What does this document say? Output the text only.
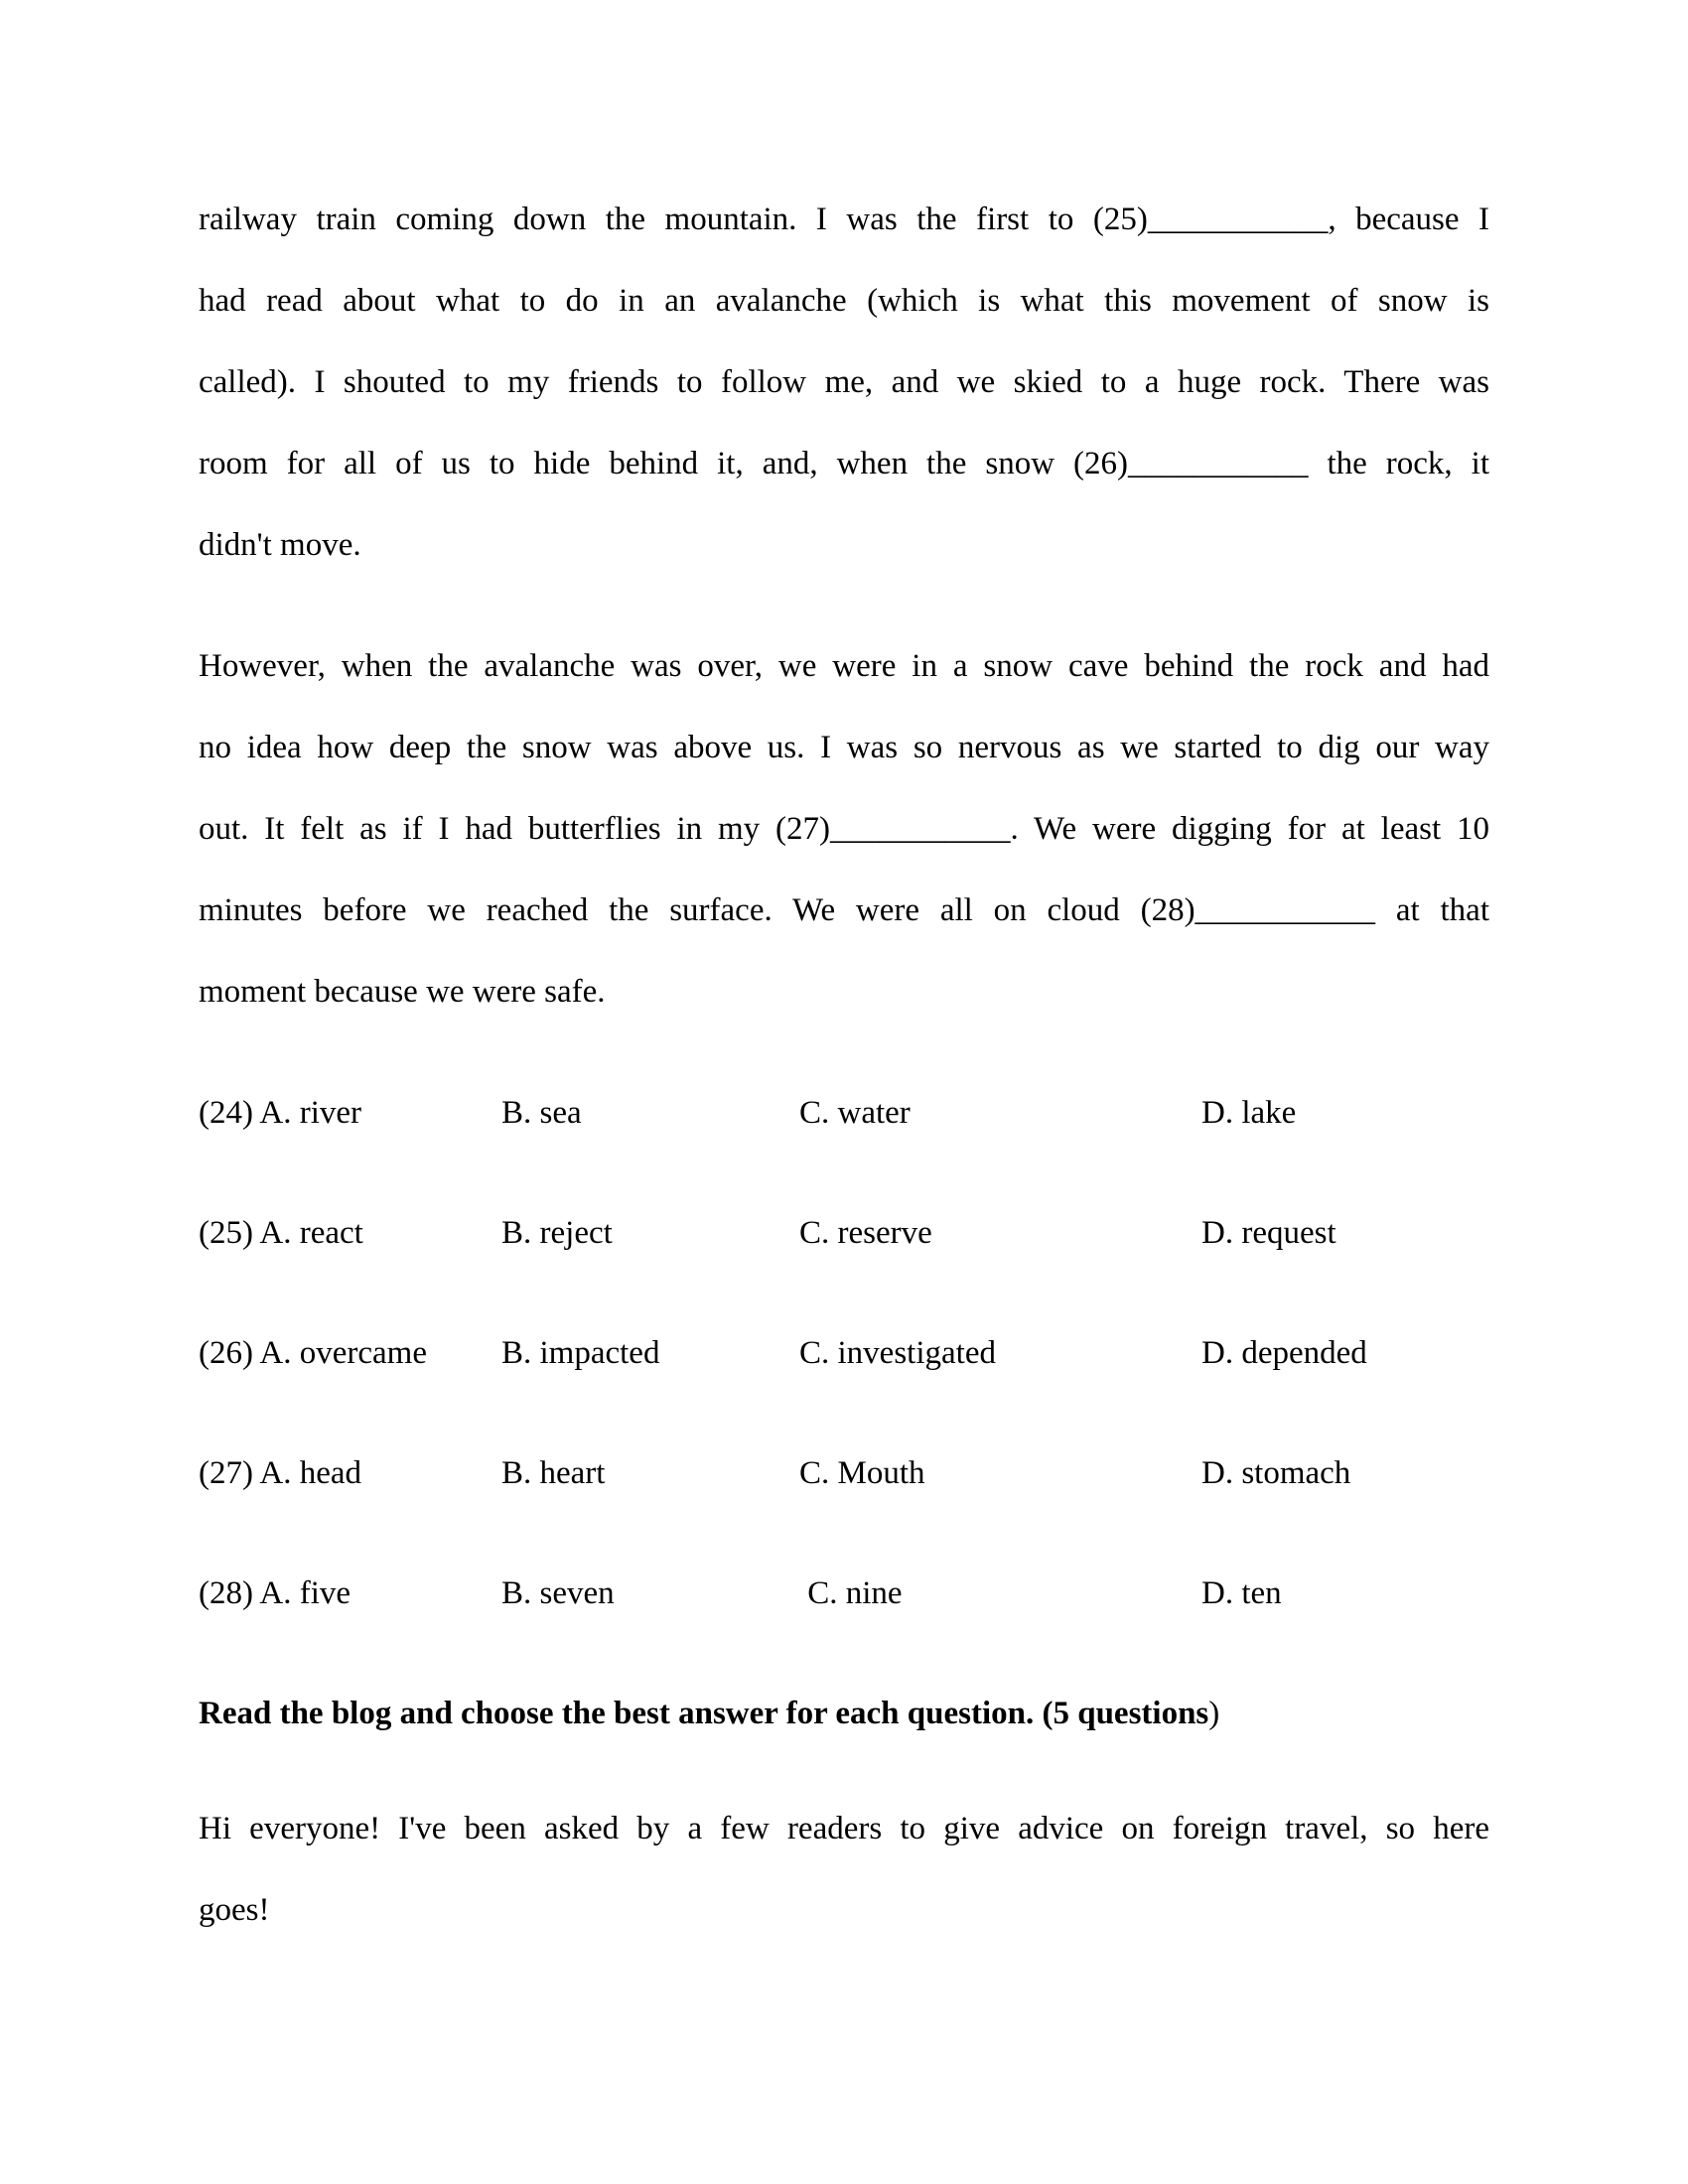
railway train coming down the mountain. I was the first to (25)___________, because I
had read about what to do in an avalanche (which is what this movement of snow is
called). I shouted to my friends to follow me, and we skied to a huge rock. There was
room for all of us to hide behind it, and, when the snow (26)___________ the rock, it
didn't move.
However, when the avalanche was over, we were in a snow cave behind the rock and had
no idea how deep the snow was above us. I was so nervous as we started to dig our way
out. It felt as if I had butterflies in my (27)___________. We were digging for at least 10
minutes before we reached the surface. We were all on cloud (28)___________ at that
moment because we were safe.
(24) A. river	B. sea	C. water	D. lake
(25) A. react	B. reject	C. reserve	D. request
(26) A. overcame	B. impacted	C. investigated	D. depended
(27) A. head	B. heart	C. Mouth	D. stomach
(28) A. five	B. seven	C. nine	D. ten
Read the blog and choose the best answer for each question. (5 questions)
Hi everyone! I've been asked by a few readers to give advice on foreign travel, so here
goes!
